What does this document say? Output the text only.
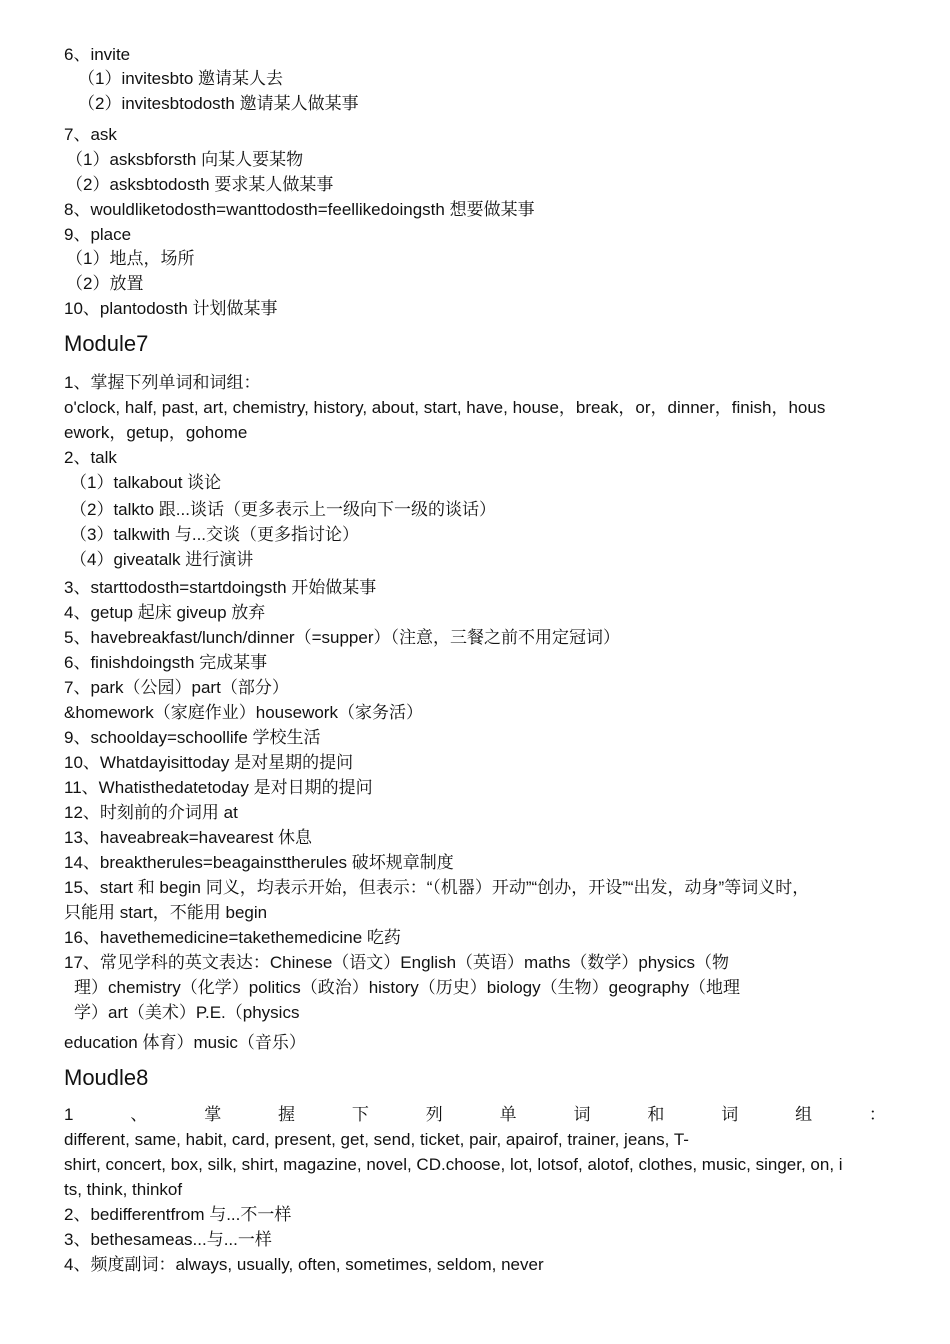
6、invite
（1）invitesbto 邀请某人去
（2）invitesbtodosth 邀请某人做某事
7、ask
（1）asksbforsth 向某人要某物
（2）asksbtodosth 要求某人做某事
8、wouldliketodosth=wanttodosth=feellikedoingsth 想要做某事
9、place
（1）地点，场所
（2）放置
10、plantodosth 计划做某事
Module7
1、掌握下列单词和词组：
o'clock, half, past, art, chemistry, history, about, start, have, house，break，or，dinner，finish，hous
ework，getup，gohome
2、talk
（1）talkabout 谈论
（2）talkto 跟...谈话（更多表示上一级向下一级的谈话）
（3）talkwith 与...交谈（更多指讨论）
（4）giveatalk 进行演讲
3、starttodosth=startdoingsth 开始做某事
4、getup 起床 giveup 放弃
5、havebreakfast/lunch/dinner（=supper）（注意，三餐之前不用定冠词）
6、finishdoingsth 完成某事
7、park（公园）part（部分）
&homework（家庭作业）housework（家务活）
9、schoolday=schoollife 学校生活
10、Whatdayisittoday 是对星期的提问
11、Whatisthedatetoday 是对日期的提问
12、时刻前的介词用 at
13、haveabreak=havearest 休息
14、breaktherules=beagainsttherules 破坏规章制度
15、start 和 begin 同义，均表示开始，但表示：“（机器）开动”“创办，开设”“出发，动身”等词义时，
只能用 start，不能用 begin
16、havethemedicine=takethemedicine 吃药
17、常见学科的英文表达：Chinese（语文）English（英语）maths（数学）physics（物
理）chemistry（化学）politics（政治）history（历史）biology（生物）geography（地理
学）art（美术）P.E.（physics
education 体育）music（音乐）
Moudle8
1	、	掌	握	下	列	单	词	和	词	组	：
different, same, habit, card, present, get, send, ticket, pair, apairof, trainer, jeans, T-
shirt, concert, box, silk, shirt, magazine, novel, CD.choose, lot, lotsof, alotof, clothes, music, singer, on, i
ts, think, thinkof
2、bedifferentfrom 与...不一样
3、bethesameas...与...一样
4、频度副词：always, usually, often, sometimes, seldom, never
